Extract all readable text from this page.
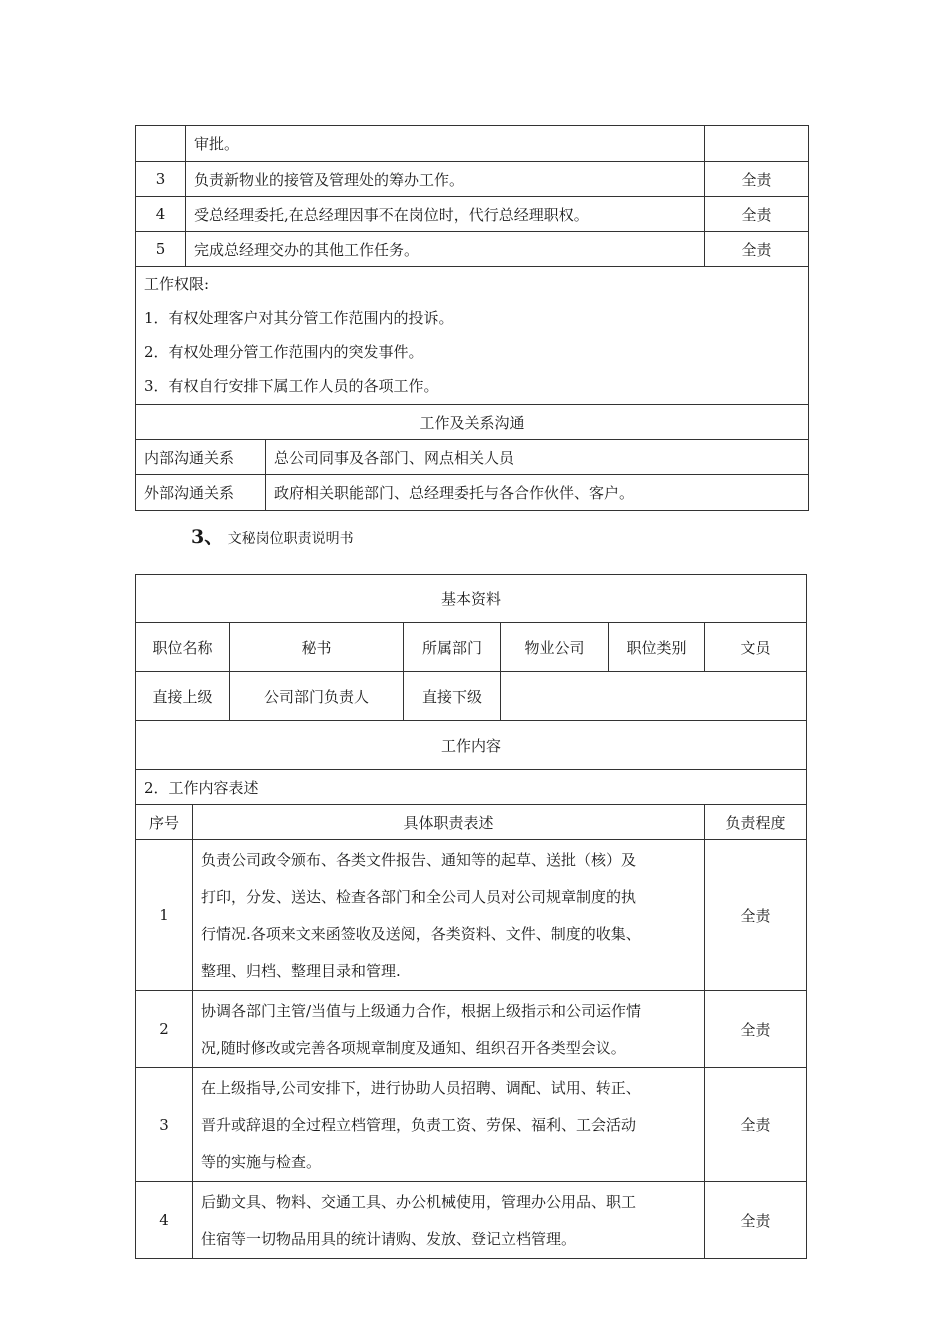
	审批。		
3	负责新物业的接管及管理处的筹办工作。		全责
4	受总经理委托,在总经理因事不在岗位时，代行总经理职权。		全责
5	完成总经理交办的其他工作任务。		全责

工作权限:
1．有权处理客户对其分管工作范围内的投诉。
2．有权处理分管工作范围内的突发事件。
3．有权自行安排下属工作人员的各项工作。			

工作及关系沟通			
内部沟通关系		总公司同事及各部门、网点相关人员	
外部沟通关系		政府相关职能部门、总经理委托与各合作伙伴、客户。	
3、 文秘岗位职责说明书
基本资料						
职位名称		秘书	所属部门	物业公司	职位类别	文员
直接上级		公司部门负责人	直接下级			
工作内容						
2．工作内容表述						
序号	具体职责表述					负责程度
1	负责公司政令颁布、各类文件报告、通知等的起草、送批（核）及
打印，分发、送达、检查各部门和全公司人员对公司规章制度的执
行情况.各项来文来函签收及送阅，各类资料、文件、制度的收集、
整理、归档、整理目录和管理.					全责
2	协调各部门主管/当值与上级通力合作，根据上级指示和公司运作情
况,随时修改或完善各项规章制度及通知、组织召开各类型会议。					全责
3	在上级指导,公司安排下，进行协助人员招聘、调配、试用、转正、
晋升或辞退的全过程立档管理，负责工资、劳保、福利、工会活动
等的实施与检查。					全责
4	后勤文具、物料、交通工具、办公机械使用，管理办公用品、职工
住宿等一切物品用具的统计请购、发放、登记立档管理。					全责
